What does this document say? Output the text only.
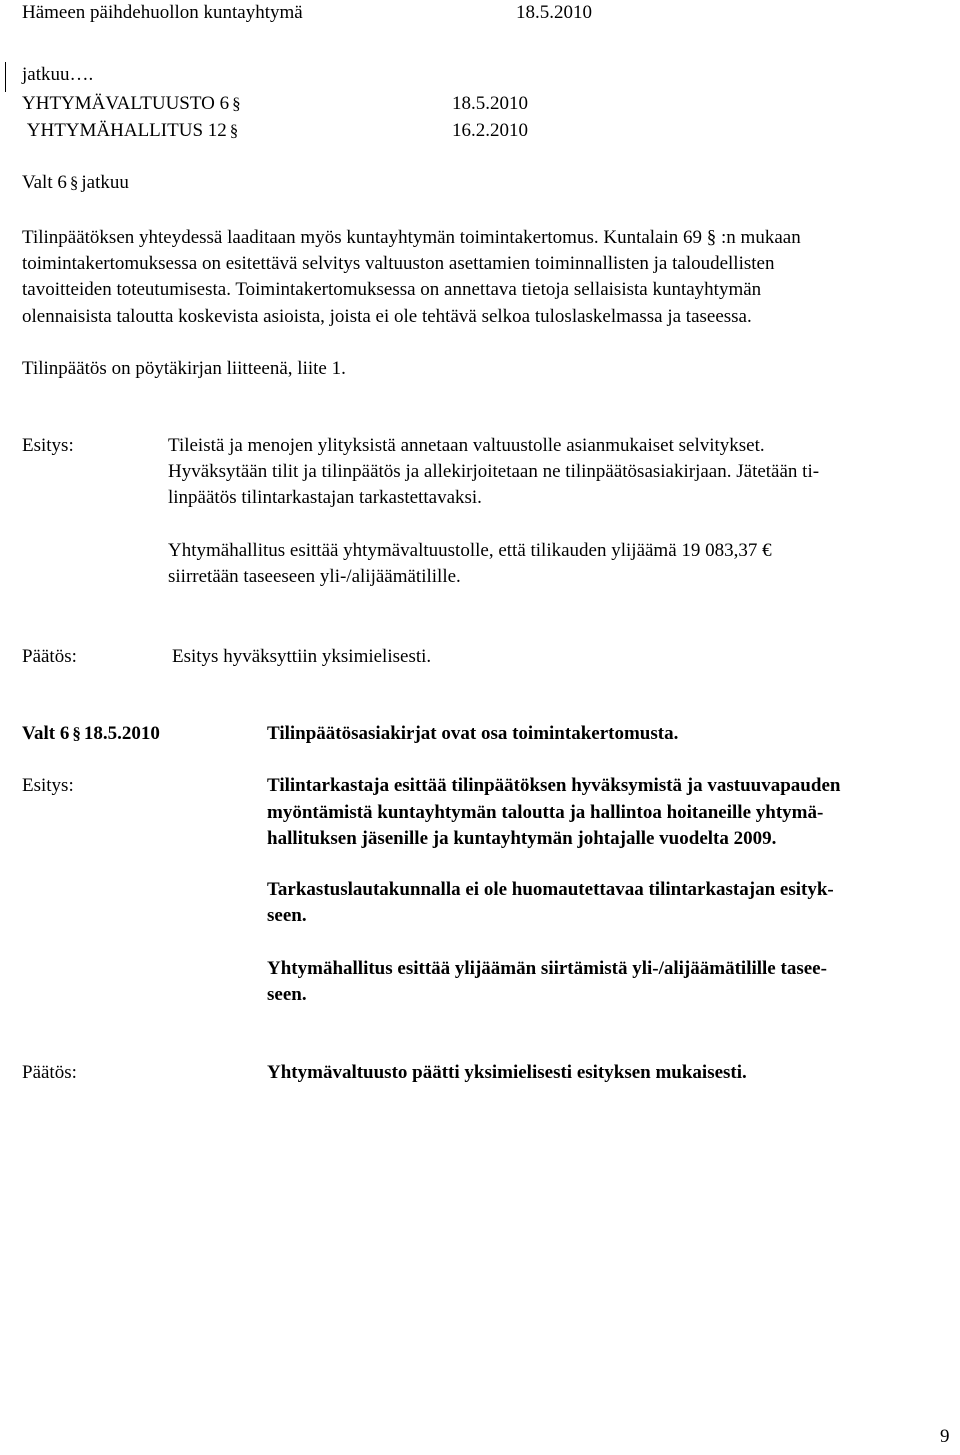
Hämeen päihdehuollon kuntayhtymä	18.5.2010
jatkuu….
YHTYMÄVALTUUSTO 6 §	18.5.2010
YHTYMÄHALLITUS 12 §	16.2.2010
Valt 6 § jatkuu
Tilinpäätöksen yhteydessä laaditaan myös kuntayhtymän toimintakertomus. Kuntalain 69 § :n mukaan
toimintakertomuksessa on esitettävä selvitys valtuuston asettamien toiminnallisten ja taloudellisten
tavoitteiden toteutumisesta. Toimintakertomuksessa on annettava tietoja sellaisista kuntayhtymän
olennaisista taloutta koskevista asioista, joista ei ole tehtävä selkoa tuloslaskelmassa ja taseessa.
Tilinpäätös on pöytäkirjan liitteenä, liite 1.
Esitys:	Tileistä ja menojen ylityksistä annetaan valtuustolle asianmukaiset selvitykset.
Hyväksytään tilit ja tilinpäätös ja allekirjoitetaan ne tilinpäätösasiakirjaan. Jätetään ti-
linpäätös tilintarkastajan tarkastettavaksi.
Yhtymähallitus esittää yhtymävaltuustolle, että tilikauden ylijäämä 19 083,37 €
siirretään taseeseen yli-/alijäämätilille.
Päätös:	Esitys hyväksyttiin yksimielisesti.
Valt 6 § 18.5.2010	Tilinpäätösasiakirjat ovat osa toimintakertomusta.
Esitys:	Tilintarkastaja esittää tilinpäätöksen hyväksymistä ja vastuuvapauden
myöntämistä kuntayhtymän taloutta ja hallintoa hoitaneille yhtymä-
hallituksen jäsenille ja kuntayhtymän johtajalle vuodelta 2009.
Tarkastuslautakunnalla ei ole huomautettavaa tilintarkastajan esityk-
seen.
Yhtymähallitus esittää ylijäämän siirtämistä yli-/alijäämätilille tasee-
seen.
Päätös:	Yhtymävaltuusto päätti yksimielisesti esityksen mukaisesti.
9
